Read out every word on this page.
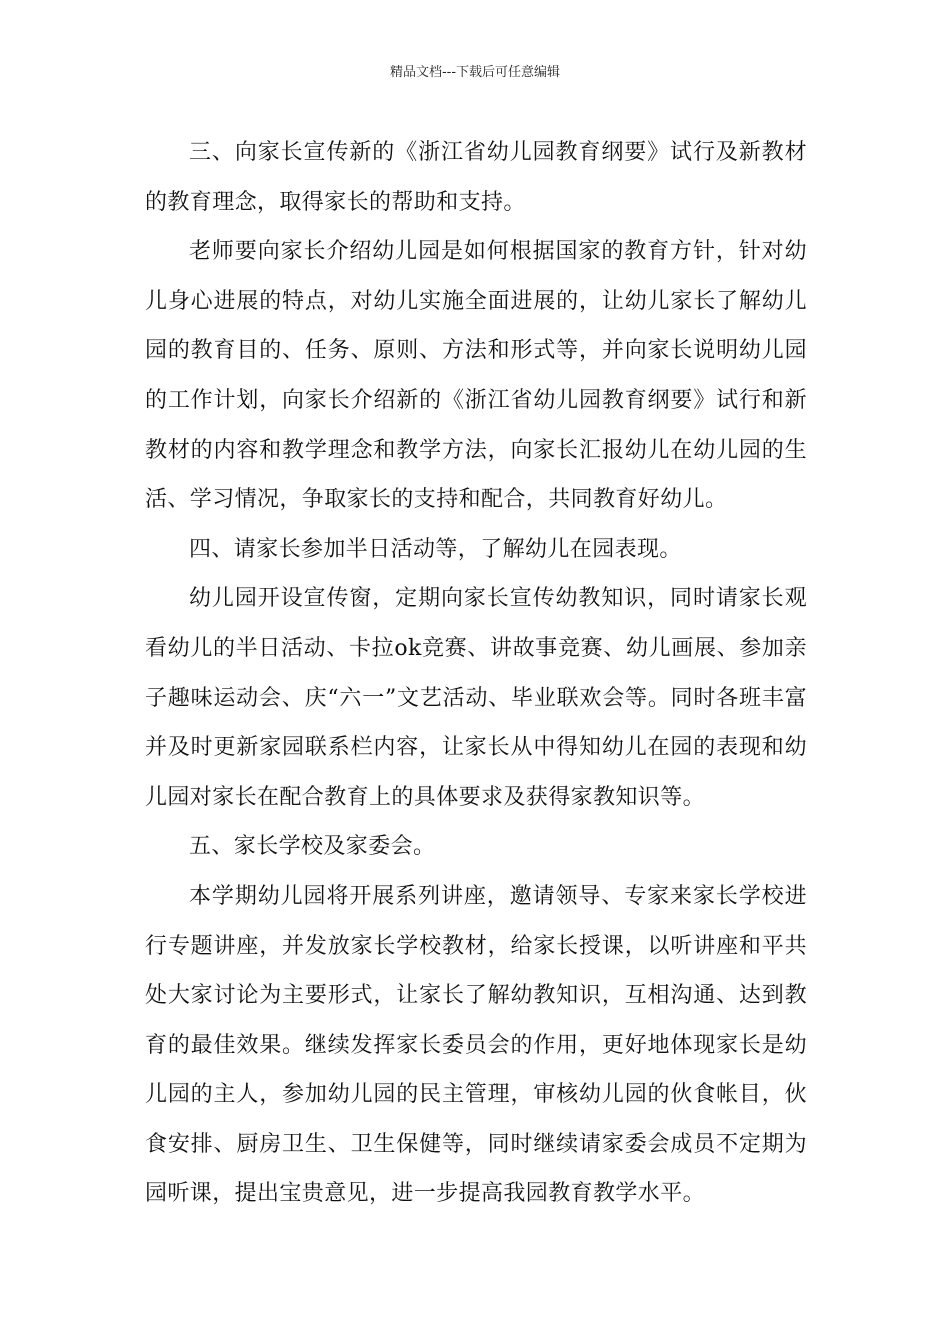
精品文档---下载后可任意编辑

三、向家长宣传新的《浙江省幼儿园教育纲要》试行及新教材的教育理念，取得家长的帮助和支持。

老师要向家长介绍幼儿园是如何根据国家的教育方针，针对幼儿身心进展的特点，对幼儿实施全面进展的，让幼儿家长了解幼儿园的教育目的、任务、原则、方法和形式等，并向家长说明幼儿园的工作计划，向家长介绍新的《浙江省幼儿园教育纲要》试行和新教材的内容和教学理念和教学方法，向家长汇报幼儿在幼儿园的生活、学习情况，争取家长的支持和配合，共同教育好幼儿。

四、请家长参加半日活动等，了解幼儿在园表现。

幼儿园开设宣传窗，定期向家长宣传幼教知识，同时请家长观看幼儿的半日活动、卡拉ok竞赛、讲故事竞赛、幼儿画展、参加亲子趣味运动会、庆“六一”文艺活动、毕业联欢会等。同时各班丰富并及时更新家园联系栏内容，让家长从中得知幼儿在园的表现和幼儿园对家长在配合教育上的具体要求及获得家教知识等。

五、家长学校及家委会。

本学期幼儿园将开展系列讲座，邀请领导、专家来家长学校进行专题讲座，并发放家长学校教材，给家长授课，以听讲座和平共处大家讨论为主要形式，让家长了解幼教知识，互相沟通、达到教育的最佳效果。继续发挥家长委员会的作用，更好地体现家长是幼儿园的主人，参加幼儿园的民主管理，审核幼儿园的伙食帐目，伙食安排、厨房卫生、卫生保健等，同时继续请家委会成员不定期为园听课，提出宝贵意见，进一步提高我园教育教学水平。
